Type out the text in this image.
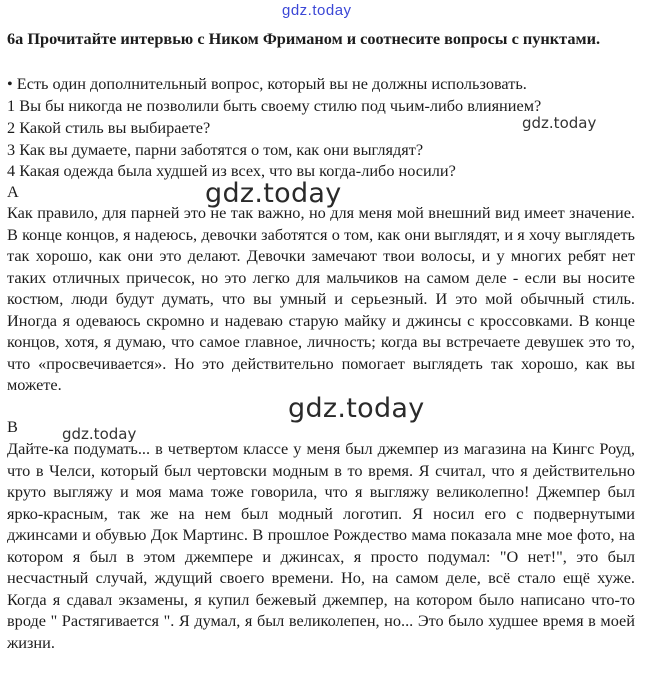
gdz.today
6a Прочитайте интервью с Ником Фриманом и соотнесите вопросы с пунктами.
• Есть один дополнительный вопрос, который вы не должны использовать.
1 Вы бы никогда не позволили быть своему стилю под чьим-либо влиянием?
2 Какой стиль вы выбираете?
3 Как вы думаете, парни заботятся о том, как они выглядят?
4 Какая одежда была худшей из всех, что вы когда-либо носили?
A
Как правило, для парней это не так важно, но для меня мой внешний вид имеет значение. В конце концов, я надеюсь, девочки заботятся о том, как они выглядят, и я хочу выглядеть так хорошо, как они это делают. Девочки замечают твои волосы, и у многих ребят нет таких отличных причесок, но это легко для мальчиков на самом деле - если вы носите костюм, люди будут думать, что вы умный и серьезный. И это мой обычный стиль. Иногда я одеваюсь скромно и надеваю старую майку и джинсы с кроссовками. В конце концов, хотя, я думаю, что самое главное, личность; когда вы встречаете девушек это то, что «просвечивается». Но это действительно помогает выглядеть так хорошо, как вы можете.
B
Дайте-ка подумать... в четвертом классе у меня был джемпер из магазина на Кингс Роуд, что в Челси, который был чертовски модным в то время. Я считал, что я действительно круто выгляжу и моя мама тоже говорила, что я выгляжу великолепно! Джемпер был ярко-красным, так же на нем был модный логотип. Я носил его с подвернутыми джинсами и обувью Док Мартинс. В прошлое Рождество мама показала мне мое фото, на котором я был в этом джемпере и джинсах, я просто подумал: "О нет!", это был несчастный случай, ждущий своего времени. Но, на самом деле, всё стало ещё хуже. Когда я сдавал экзамены, я купил бежевый джемпер, на котором было написано что-то вроде " Растягивается ". Я думал, я был великолепен, но... Это было худшее время в моей жизни.
gdz.today
gdz.today
gdz.today
gdz.today
